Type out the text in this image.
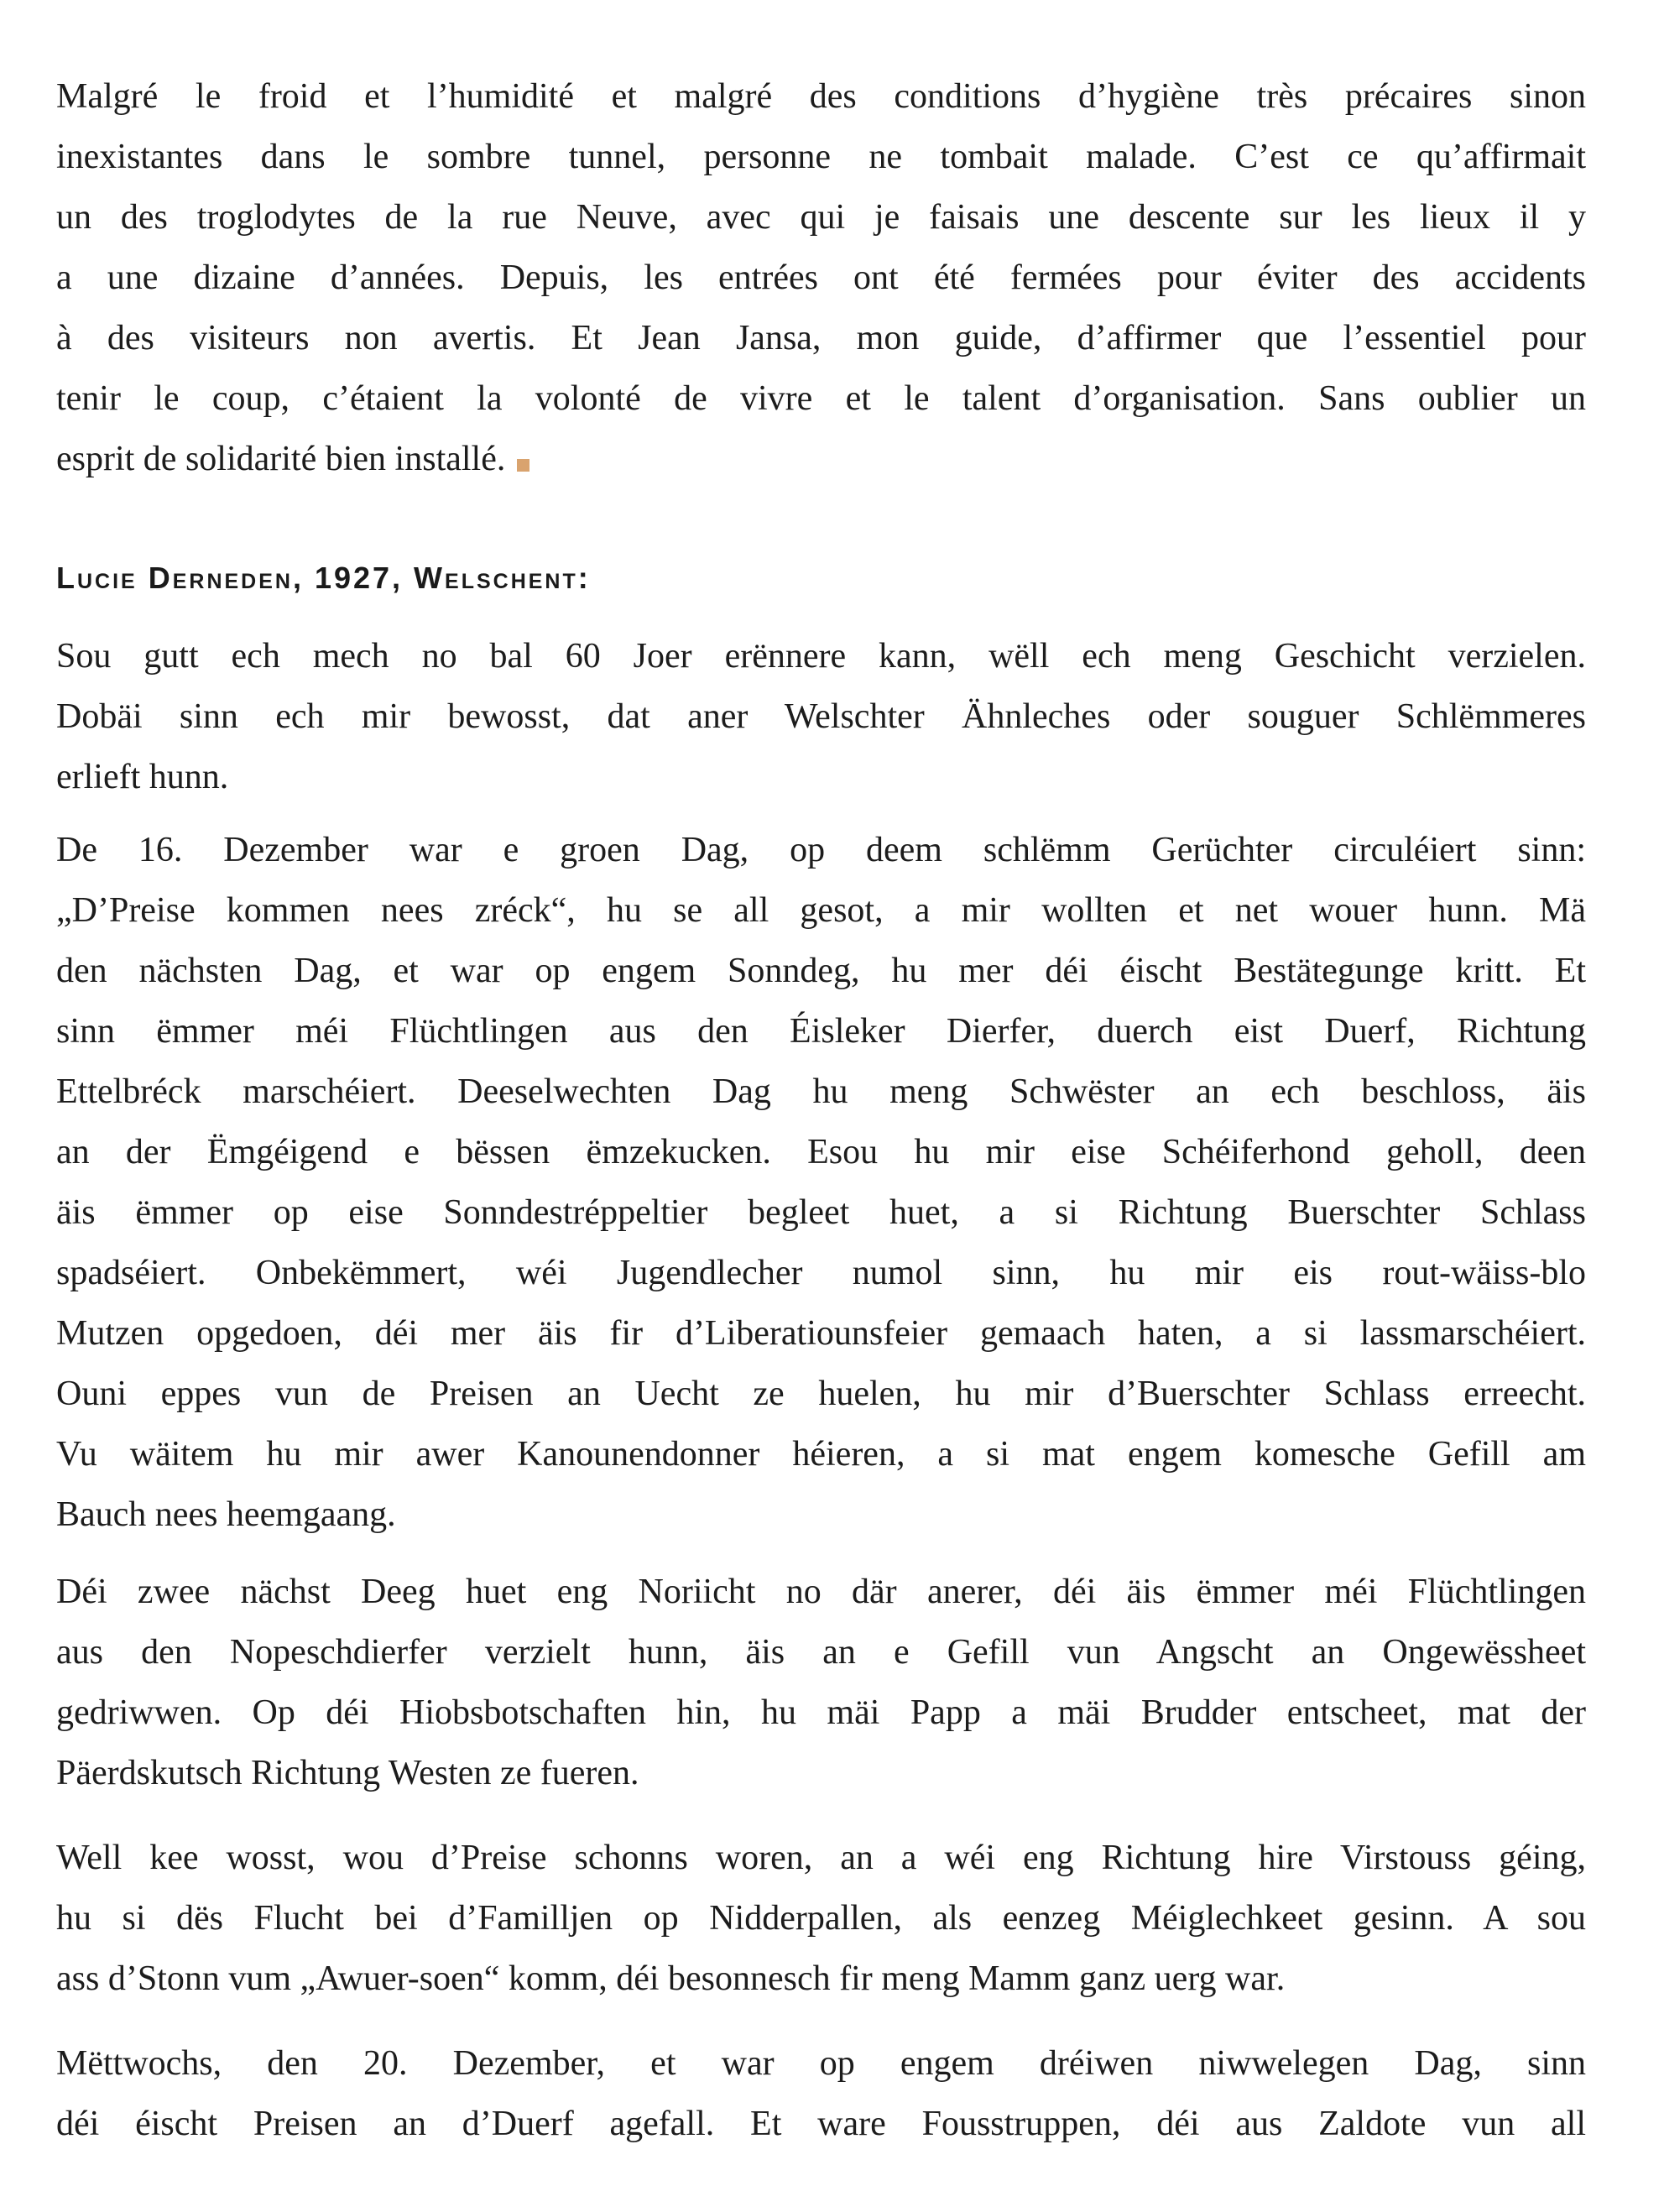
Malgré le froid et l’humidité et malgré des conditions d’hygiène très précaires sinon
inexistantes dans le sombre tunnel, personne ne tombait malade. C’est ce qu’affirmait
un des troglodytes de la rue Neuve, avec qui je faisais une descente sur les lieux il y
a une dizaine d’années. Depuis, les entrées ont été fermées pour éviter des accidents
à des visiteurs non avertis. Et Jean Jansa, mon guide, d’affirmer que l’essentiel pour
tenir le coup, c’étaient la volonté de vivre et le talent d’organisation. Sans oublier un
esprit de solidarité bien installé.
Lucie Derneden, 1927, Welschent:
Sou gutt ech mech no bal 60 Joer erënnere kann, wëll ech meng Geschicht verzielen.
Dobäi sinn ech mir bewosst, dat aner Welschter Ähnleches oder souguer Schlëmmeres
erlieft hunn.
De 16. Dezember war e groen Dag, op deem schlëmm Gerüchter circuléiert sinn:
„D’Preise kommen nees zréck“, hu se all gesot, a mir wollten et net wouer hunn. Mä
den nächsten Dag, et war op engem Sonndeg, hu mer déi éischt Bestätegunge kritt. Et
sinn ëmmer méi Flüchtlingen aus den Éisleker Dierfer, duerch eist Duerf, Richtung
Ettelbréck marschéiert. Deeselwechten Dag hu meng Schwëster an ech beschloss, äis
an der Ëmgéigend e bëssen ëmzekucken. Esou hu mir eise Schéiferhond geholl, deen
äis ëmmer op eise Sonndestréppeltier begleet huet, a si Richtung Buerschter Schlass
spadséiert. Onbekëmmert, wéi Jugendlecher numol sinn, hu mir eis rout-wäiss-blo
Mutzen opgedoen, déi mer äis fir d’Liberatiounsfeier gemaach haten, a si lassmarschéiert.
Ouni eppes vun de Preisen an Uecht ze huelen, hu mir d’Buerschter Schlass erreecht.
Vu wäitem hu mir awer Kanounendonner héieren, a si mat engem komesche Gefill am
Bauch nees heemgaang.
Déi zwee nächst Deeg huet eng Noriicht no där anerer, déi äis ëmmer méi Flüchtlingen
aus den Nopeschdierfer verzielt hunn, äis an e Gefill vun Angscht an Ongewëssheet
gedriwwen. Op déi Hiobsbotschaften hin, hu mäi Papp a mäi Brudder entscheet, mat der
Päerdskutsch Richtung Westen ze fueren.
Well kee wosst, wou d’Preise schonns woren, an a wéi eng Richtung hire Virstouss géing,
hu si dës Flucht bei d’Familljen op Nidderpallen, als eenzeg Méiglechkeet gesinn. A sou
ass d’Stonn vum „Awuer-soen“ komm, déi besonnesch fir meng Mamm ganz uerg war.
Mëttwochs, den 20. Dezember, et war op engem dréiwen niwwelegen Dag, sinn
déi éischt Preisen an d’Duerf agefall. Et ware Fousstruppen, déi aus Zaldote vun all
